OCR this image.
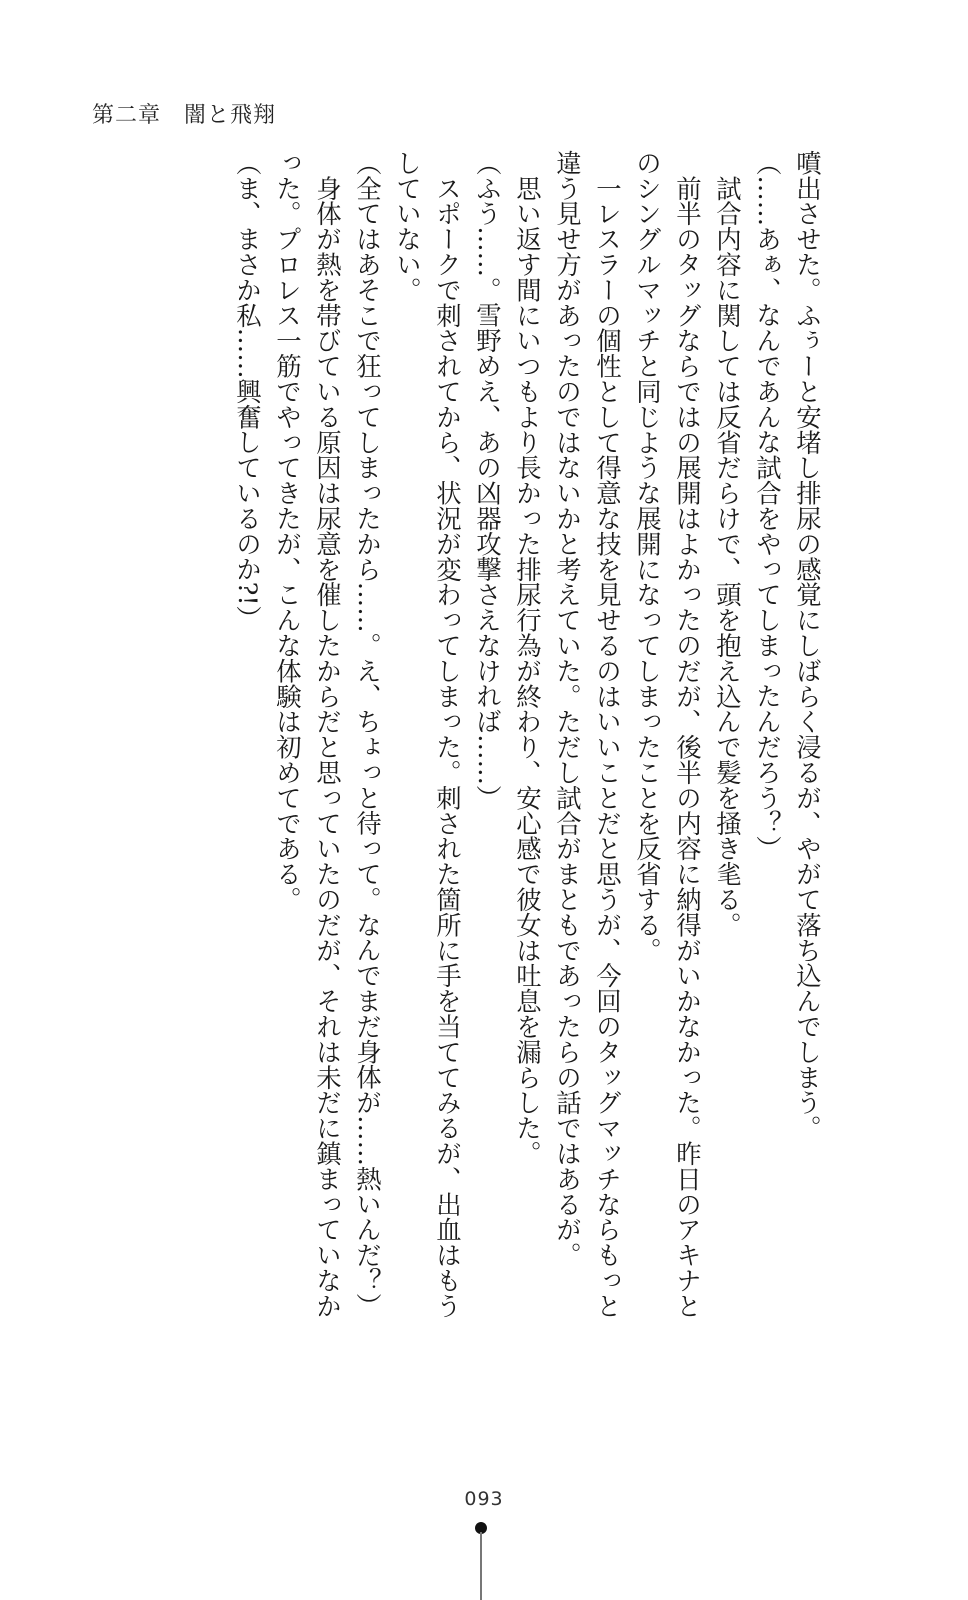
第二章　闇と飛翔

噴出させた。ふぅーと安堵し排尿の感覚にしばらく浸るが、やがて落ち込んでしまう。

（……あぁ、なんであんな試合をやってしまったんだろう？）

　試合内容に関しては反省だらけで、頭を抱え込んで髪を掻き毟る。

　前半のタッグならではの展開はよかったのだが、後半の内容に納得がいかなかった。昨日のアキナとのシングルマッチと同じような展開になってしまったことを反省する。

　一レスラーの個性として得意な技を見せるのはいいことだと思うが、今回のタッグマッチならもっと違う見せ方があったのではないかと考えていた。ただし試合がまともであったらの話ではあるが。

　思い返す間にいつもより長かった排尿行為が終わり、安心感で彼女は吐息を漏らした。

（ふう……。雪野めえ、あの凶器攻撃さえなければ……）

　スポークで刺されてから、状況が変わってしまった。刺された箇所に手を当ててみるが、出血はもうしていない。

（全てはあそこで狂ってしまったから……。え、ちょっと待って。なんでまだ身体が……熱いんだ？）

　身体が熱を帯びている原因は尿意を催したからだと思っていたのだが、それは未だに鎮まっていなかった。プロレス一筋でやってきたが、こんな体験は初めてである。

（ま、まさか私……興奮しているのか?!）

093
